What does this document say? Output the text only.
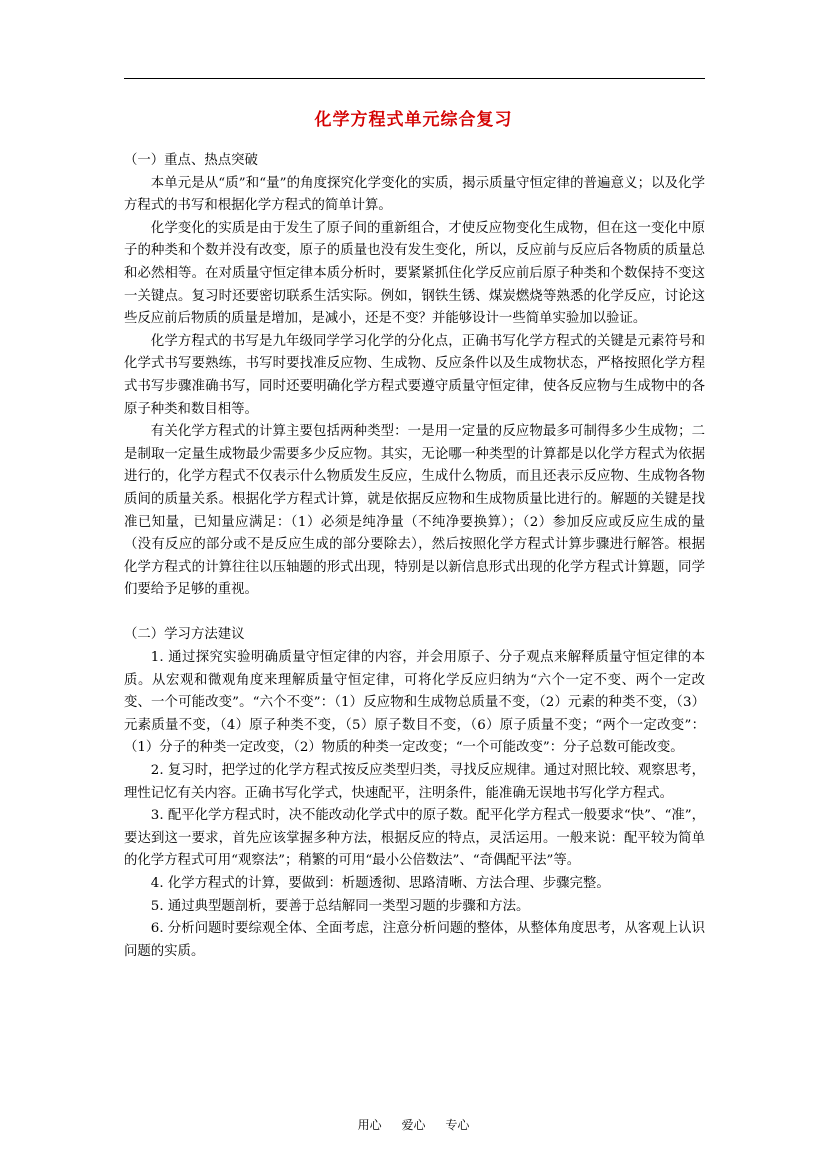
化学方程式单元综合复习

（一）重点、热点突破

本单元是从“质”和“量”的角度探究化学变化的实质，揭示质量守恒定律的普遍意义；以及化学方程式的书写和根据化学方程式的简单计算。

化学变化的实质是由于发生了原子间的重新组合，才使反应物变化生成物，但在这一变化中原子的种类和个数并没有改变，原子的质量也没有发生变化，所以，反应前与反应后各物质的质量总和必然相等。在对质量守恒定律本质分析时，要紧紧抓住化学反应前后原子种类和个数保持不变这一关键点。复习时还要密切联系生活实际。例如，钢铁生锈、煤炭燃烧等熟悉的化学反应，讨论这些反应前后物质的质量是增加，是减小，还是不变？并能够设计一些简单实验加以验证。

化学方程式的书写是九年级同学学习化学的分化点，正确书写化学方程式的关键是元素符号和化学式书写要熟练，书写时要找准反应物、生成物、反应条件以及生成物状态，严格按照化学方程式书写步骤准确书写，同时还要明确化学方程式要遵守质量守恒定律，使各反应物与生成物中的各原子种类和数目相等。

有关化学方程式的计算主要包括两种类型：一是用一定量的反应物最多可制得多少生成物；二是制取一定量生成物最少需要多少反应物。其实，无论哪一种类型的计算都是以化学方程式为依据进行的，化学方程式不仅表示什么物质发生反应，生成什么物质，而且还表示反应物、生成物各物质间的质量关系。根据化学方程式计算，就是依据反应物和生成物质量比进行的。解题的关键是找准已知量，已知量应满足：（1）必须是纯净量（不纯净要换算）；（2）参加反应或反应生成的量（没有反应的部分或不是反应生成的部分要除去），然后按照化学方程式计算步骤进行解答。根据化学方程式的计算往往以压轴题的形式出现，特别是以新信息形式出现的化学方程式计算题，同学们要给予足够的重视。

（二）学习方法建议

1. 通过探究实验明确质量守恒定律的内容，并会用原子、分子观点来解释质量守恒定律的本质。从宏观和微观角度来理解质量守恒定律，可将化学反应归纳为“六个一定不变、两个一定改变、一个可能改变”。“六个不变”：（1）反应物和生成物总质量不变，（2）元素的种类不变，（3）元素质量不变，（4）原子种类不变，（5）原子数目不变，（6）原子质量不变；“两个一定改变”：（1）分子的种类一定改变，（2）物质的种类一定改变；“一个可能改变”：分子总数可能改变。

2. 复习时，把学过的化学方程式按反应类型归类，寻找反应规律。通过对照比较、观察思考，理性记忆有关内容。正确书写化学式，快速配平，注明条件，能准确无误地书写化学方程式。

3. 配平化学方程式时，决不能改动化学式中的原子数。配平化学方程式一般要求“快”、“准”，要达到这一要求，首先应该掌握多种方法，根据反应的特点，灵活运用。一般来说：配平较为简单的化学方程式可用“观察法”；稍繁的可用“最小公倍数法”、“奇偶配平法”等。

4. 化学方程式的计算，要做到：析题透彻、思路清晰、方法合理、步骤完整。

5. 通过典型题剖析，要善于总结解同一类型习题的步骤和方法。

6. 分析问题时要综观全体、全面考虑，注意分析问题的整体，从整体角度思考，从客观上认识问题的实质。

用心 爱心 专心
